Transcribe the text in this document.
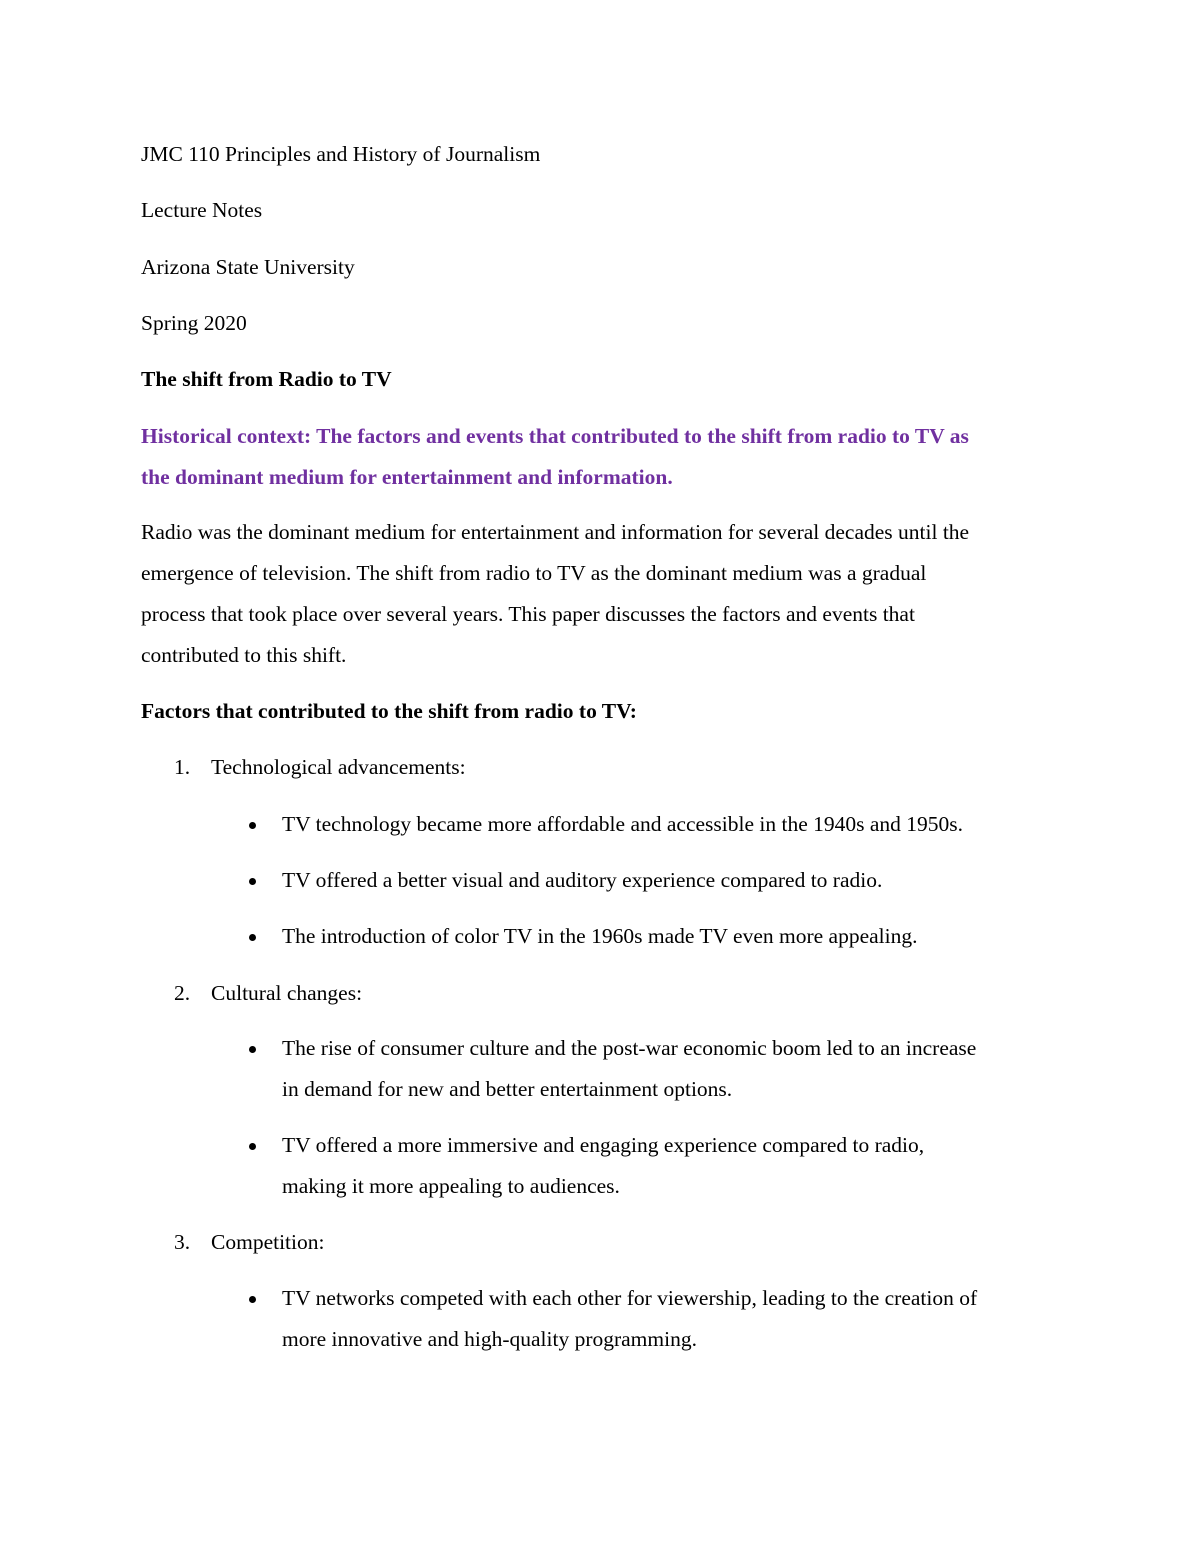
JMC 110 Principles and History of Journalism
Lecture Notes
Arizona State University
Spring 2020
The shift from Radio to TV
Historical context: The factors and events that contributed to the shift from radio to TV as
the dominant medium for entertainment and information.
Radio was the dominant medium for entertainment and information for several decades until the
emergence of television. The shift from radio to TV as the dominant medium was a gradual
process that took place over several years. This paper discusses the factors and events that
contributed to this shift.
Factors that contributed to the shift from radio to TV:
1. Technological advancements:
TV technology became more affordable and accessible in the 1940s and 1950s.
TV offered a better visual and auditory experience compared to radio.
The introduction of color TV in the 1960s made TV even more appealing.
2. Cultural changes:
The rise of consumer culture and the post-war economic boom led to an increase
in demand for new and better entertainment options.
TV offered a more immersive and engaging experience compared to radio,
making it more appealing to audiences.
3. Competition:
TV networks competed with each other for viewership, leading to the creation of
more innovative and high-quality programming.
